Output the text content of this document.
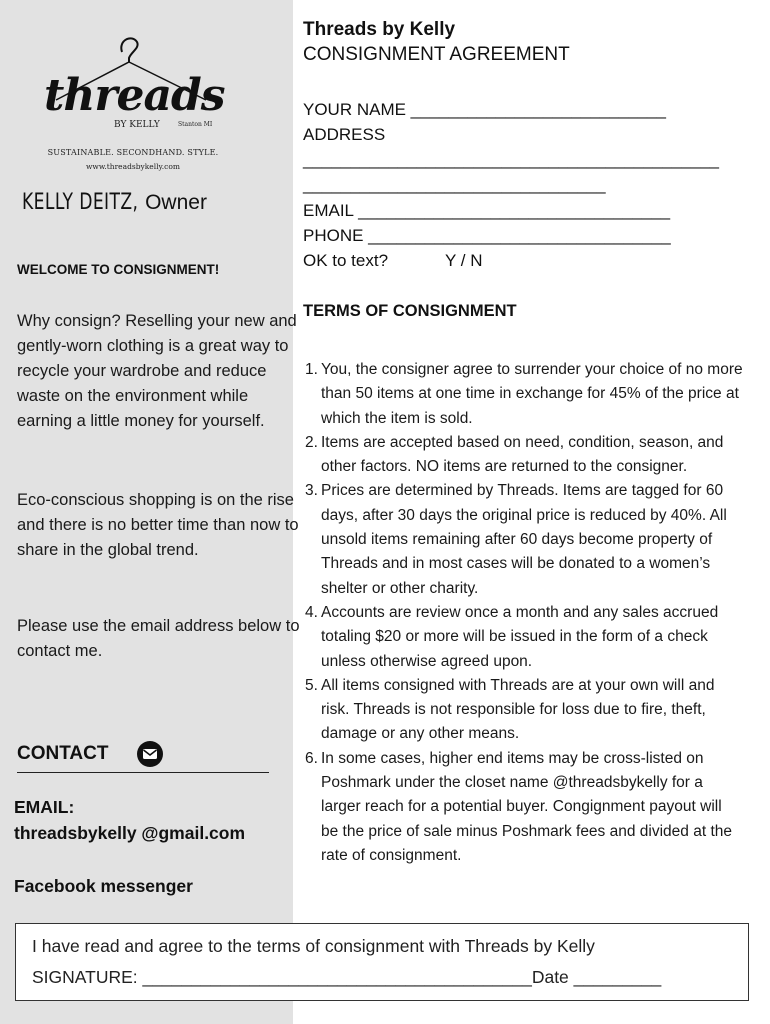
threads
BY KELLY	Stanton MI
SUSTAINABLE. SECONDHAND. STYLE.
www.threadsbykelly.com
KELLY DEITZ, Owner
WELCOME TO CONSIGNMENT!

Why consign? Reselling your new and gently-worn clothing is a great way to recycle your wardrobe and reduce waste on the environment while earning a little money for yourself.

Eco-conscious shopping is on the rise and there is no better time than now to share in the global trend.

Please use the email address below to contact me.

CONTACT
EMAIL:
threadsbykelly @gmail.com
Facebook messenger
Threads by Kelly
CONSIGNMENT AGREEMENT
YOUR NAME ___________________________
ADDRESS
____________________________________________
________________________________
EMAIL _________________________________
PHONE ________________________________
OK to text?	Y / N
TERMS OF CONSIGNMENT
1. You, the consigner agree to surrender your choice of no more than 50 items at one time in exchange for 45% of the price at which the item is sold.
2. Items are accepted based on need, condition, season, and other factors. NO items are returned to the consigner.
3. Prices are determined by Threads. Items are tagged for 60 days, after 30 days the original price is reduced by 40%. All unsold items remaining after 60 days become property of Threads and in most cases will be donated to a women’s shelter or other charity.
4. Accounts are review once a month and any sales accrued totaling $20 or more will be issued in the form of a check unless otherwise agreed upon.
5. All items consigned with Threads are at your own will and risk. Threads is not responsible for loss due to fire, theft, damage or any other means.
6. In some cases, higher end items may be cross-listed on Poshmark under the closet name @threadsbykelly for a larger reach for a potential buyer. Congignment payout will be the price of sale minus Poshmark fees and divided at the rate of consignment.
I have read and agree to the terms of consignment with Threads by Kelly
SIGNATURE: ________________________________________Date _________
